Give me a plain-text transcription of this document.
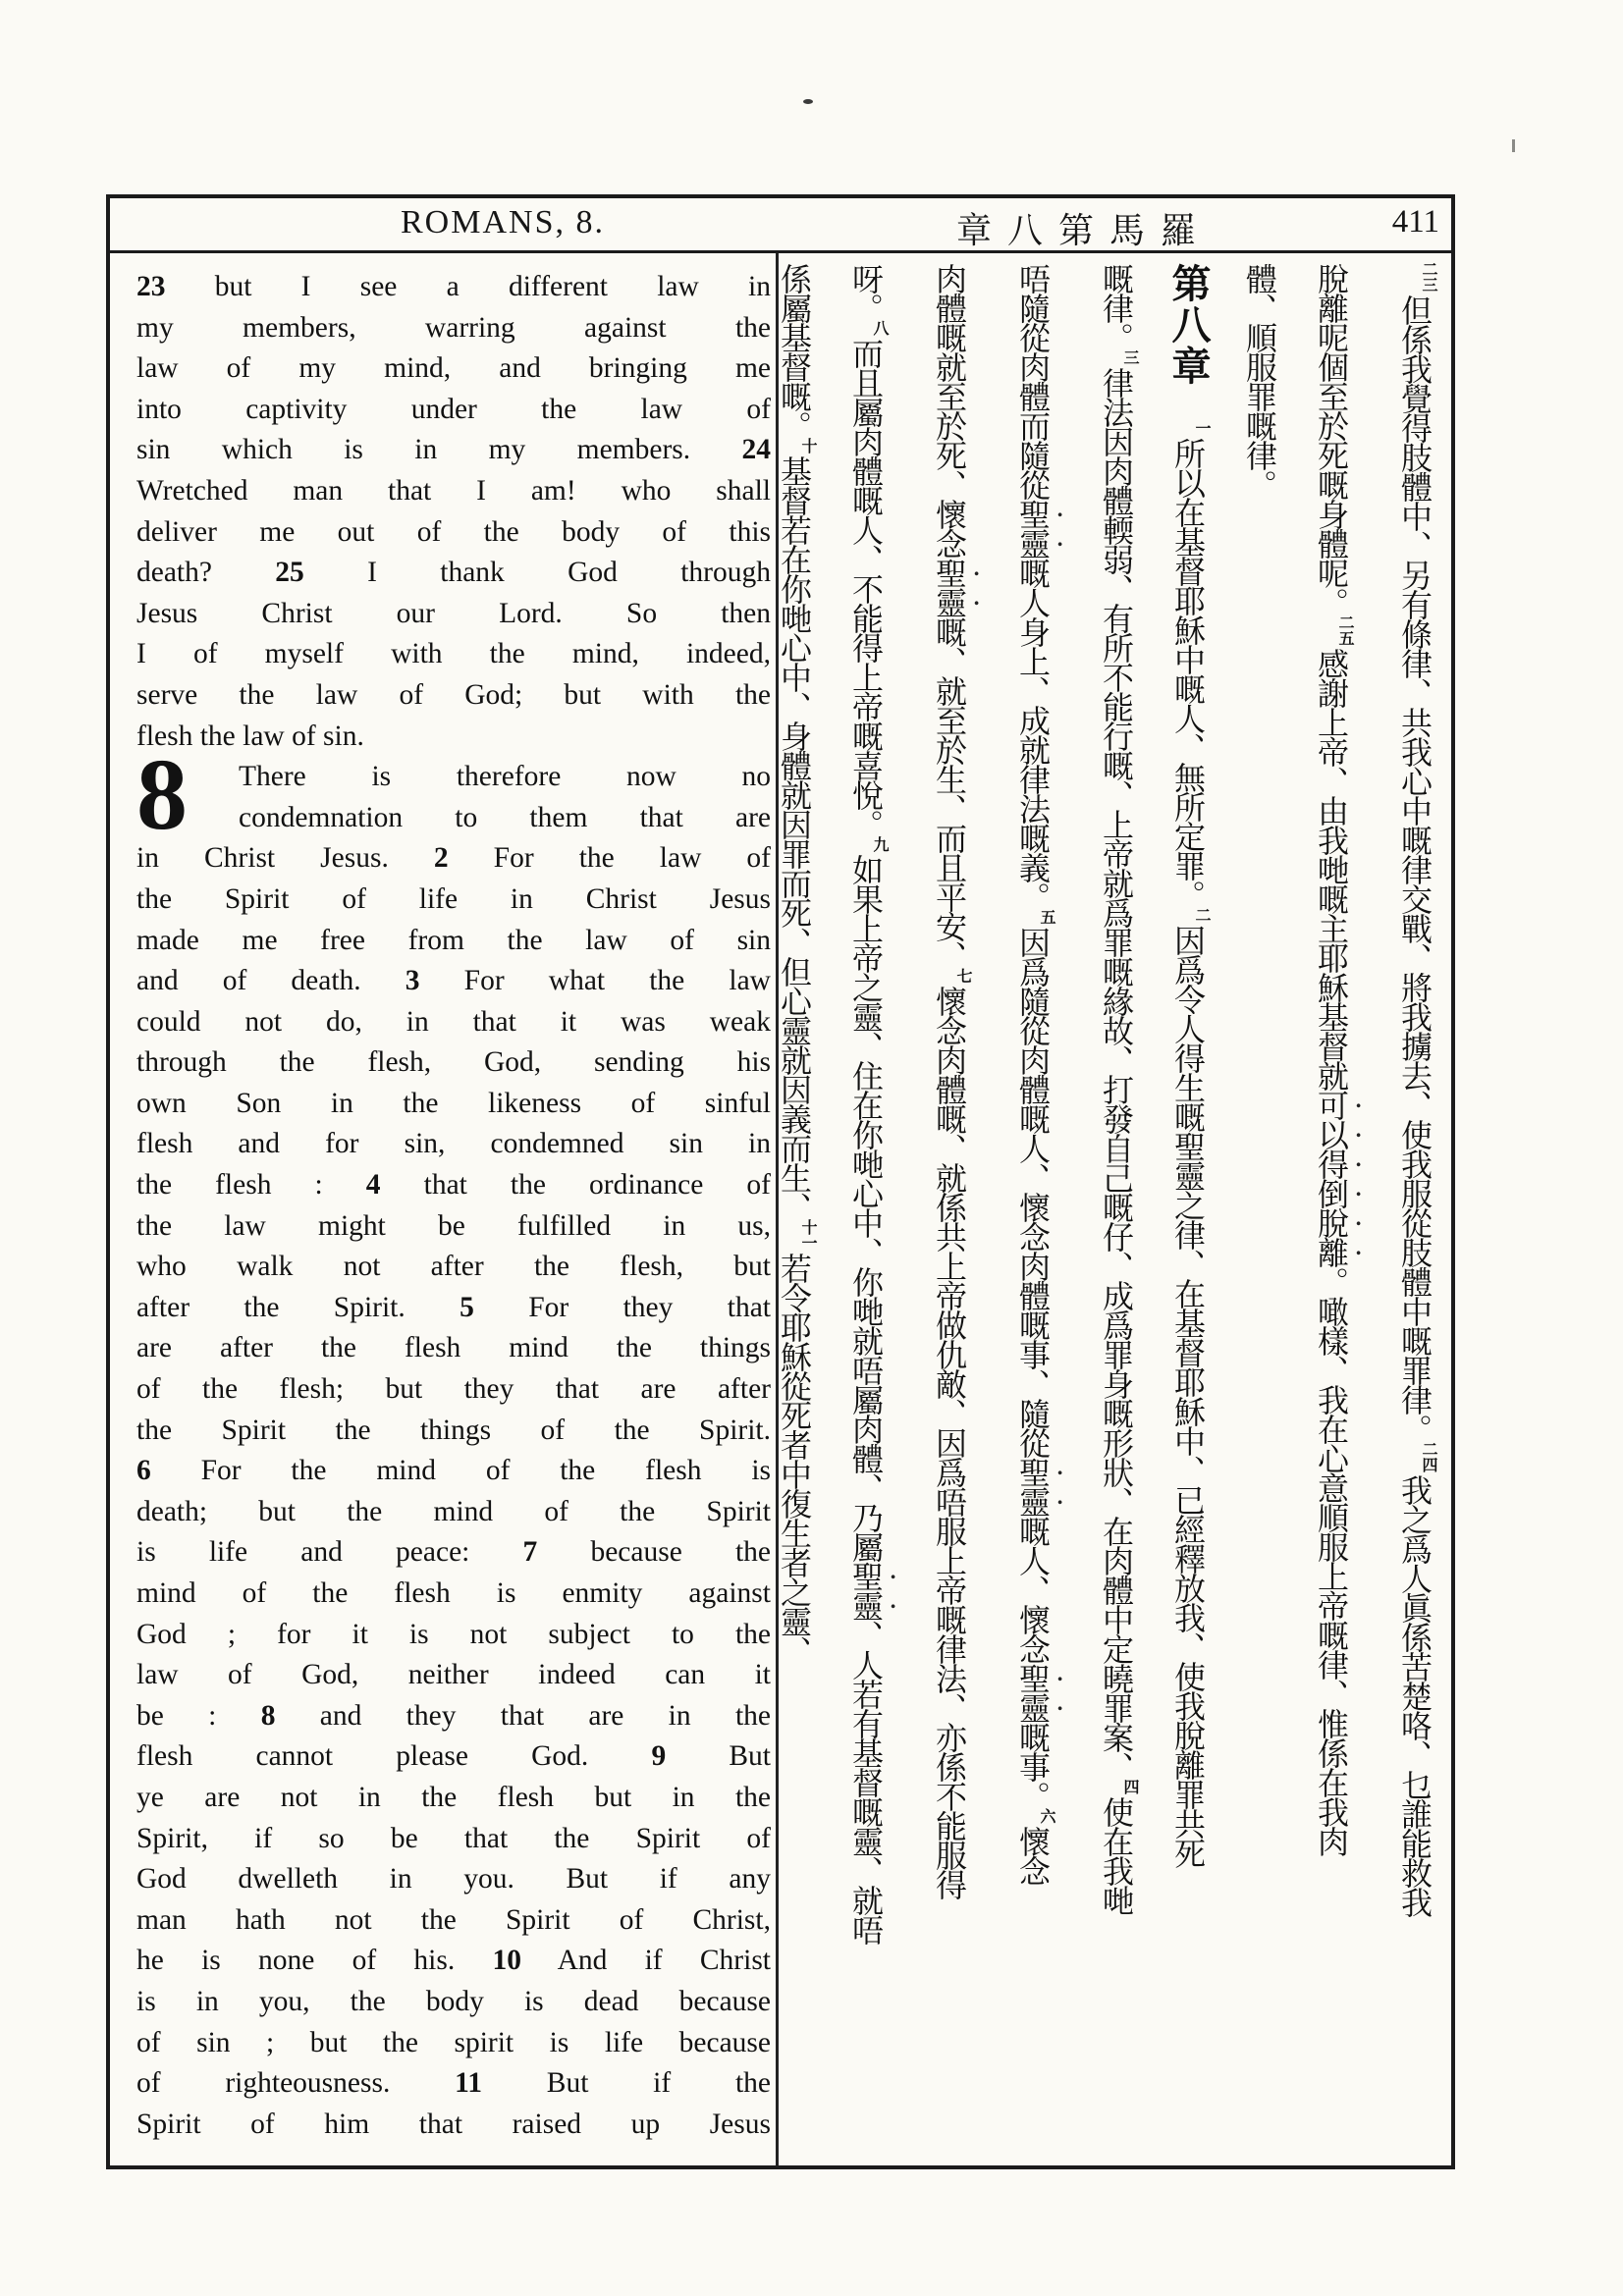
ROMANS, 8.	章八第馬羅	411
23 but I see a different law in
my members, warring against the
law of my mind, and bringing me
into captivity under the law of
sin which is in my members. 24
Wretched man that I am! who shall
deliver me out of the body of this
death? 25 I thank God through
Jesus Christ our Lord. So then
I of myself with the mind, indeed,
serve the law of God; but with the
flesh the law of sin.
8	There is therefore now no
condemnation to them that are
in Christ Jesus. 2 For the law of
the Spirit of life in Christ Jesus
made me free from the law of sin
and of death. 3 For what the law
could not do, in that it was weak
through the flesh, God, sending his
own Son in the likeness of sinful
flesh and for sin, condemned sin in
the flesh : 4 that the ordinance of
the law might be fulfilled in us,
who walk not after the flesh, but
after the Spirit. 5 For they that
are after the flesh mind the things
of the flesh; but they that are after
the Spirit the things of the Spirit.
6 For the mind of the flesh is
death; but the mind of the Spirit
is life and peace: 7 because the
mind of the flesh is enmity against
God ; for it is not subject to the
law of God, neither indeed can it
be : 8 and they that are in the
flesh cannot please God. 9 But
ye are not in the flesh but in the
Spirit, if so be that the Spirit of
God dwelleth in you. But if any
man hath not the Spirit of Christ,
he is none of his. 10 And if Christ
is in you, the body is dead because
of sin ; but the spirit is life because
of righteousness. 11 But if the
Spirit of him that raised up Jesus
二三但係我覺得肢體中、另有條律、共我心中嘅律交戰、將我擄去、使我服從肢體中嘅罪律。二四我之爲人眞係苦楚咯、乜誰能救我
脫離呢個至於死嘅身體呢。二五感謝上帝、由我哋嘅主耶穌基督就可以得倒脫離。噉樣、我在心意順服上帝嘅律、惟係在我肉
體、順服罪嘅律。
第八章一所以在基督耶穌中嘅人、無所定罪。二因爲令人得生嘅聖靈之律、在基督耶穌中、已經釋放我、使我脫離罪共死
嘅律。三律法因肉體輭弱、有所不能行嘅、上帝就爲罪嘅緣故、打發自己嘅仔、成爲罪身嘅形狀、在肉體中定曉罪案、四使在我哋
唔隨從肉體而隨從聖靈嘅人身上、成就律法嘅義。五因爲隨從肉體嘅人、懷念肉體嘅事、隨從聖靈嘅人、懷念聖靈嘅事。六懷念
肉體嘅就至於死、懷念聖靈嘅、就至於生、而且平安、七懷念肉體嘅、就係共上帝做仇敵、因爲唔服上帝嘅律法、亦係不能服得
呀。八而且屬肉體嘅人、不能得上帝嘅喜悅。九如果上帝之靈、住在你哋心中、你哋就唔屬肉體、乃屬聖靈、人若有基督嘅靈、就唔
係屬基督嘅。十基督若在你哋心中、身體就因罪而死、但心靈就因義而生、十一若令耶穌從死者中復生者之靈、
